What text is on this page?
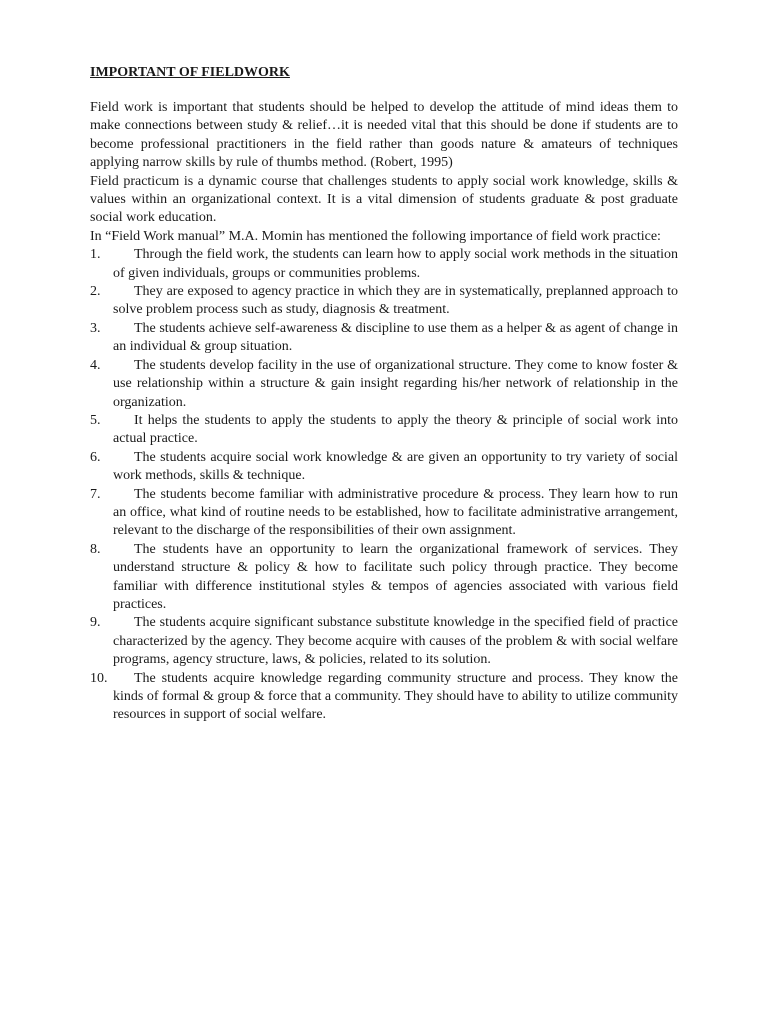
IMPORTANT OF FIELDWORK

Field work is important that students should be helped to develop the attitude of mind ideas them to make connections between study & relief…it is needed vital that this should be done if students are to become professional practitioners in the field rather than goods nature & amateurs of techniques applying narrow skills by rule of thumbs method. (Robert, 1995)

Field practicum is a dynamic course that challenges students to apply social work knowledge, skills & values within an organizational context. It is a vital dimension of students graduate & post graduate social work education.

In “Field Work manual” M.A. Momin has mentioned the following importance of field work practice:

1.	Through the field work, the students can learn how to apply social work methods in the situation of given individuals, groups or communities problems.
2.	They are exposed to agency practice in which they are in systematically, preplanned approach to solve problem process such as study, diagnosis & treatment.
3.	The students achieve self-awareness & discipline to use them as a helper & as agent of change in an individual & group situation.
4.	The students develop facility in the use of organizational structure. They come to know foster & use relationship within a structure & gain insight regarding his/her network of relationship in the organization.
5.	It helps the students to apply the students to apply the theory & principle of social work into actual practice.
6.	The students acquire social work knowledge & are given an opportunity to try variety of social work methods, skills & technique.
7.	The students become familiar with administrative procedure & process. They learn how to run an office, what kind of routine needs to be established, how to facilitate administrative arrangement, relevant to the discharge of the responsibilities of their own assignment.
8.	The students have an opportunity to learn the organizational framework of services. They understand structure & policy & how to facilitate such policy through practice. They become familiar with difference institutional styles & tempos of agencies associated with various field practices.
9.	The students acquire significant substance substitute knowledge in the specified field of practice characterized by the agency. They become acquire with causes of the problem & with social welfare programs, agency structure, laws, & policies, related to its solution.
10.	The students acquire knowledge regarding community structure and process. They know the kinds of formal & group & force that a community. They should have to ability to utilize community resources in support of social welfare.
